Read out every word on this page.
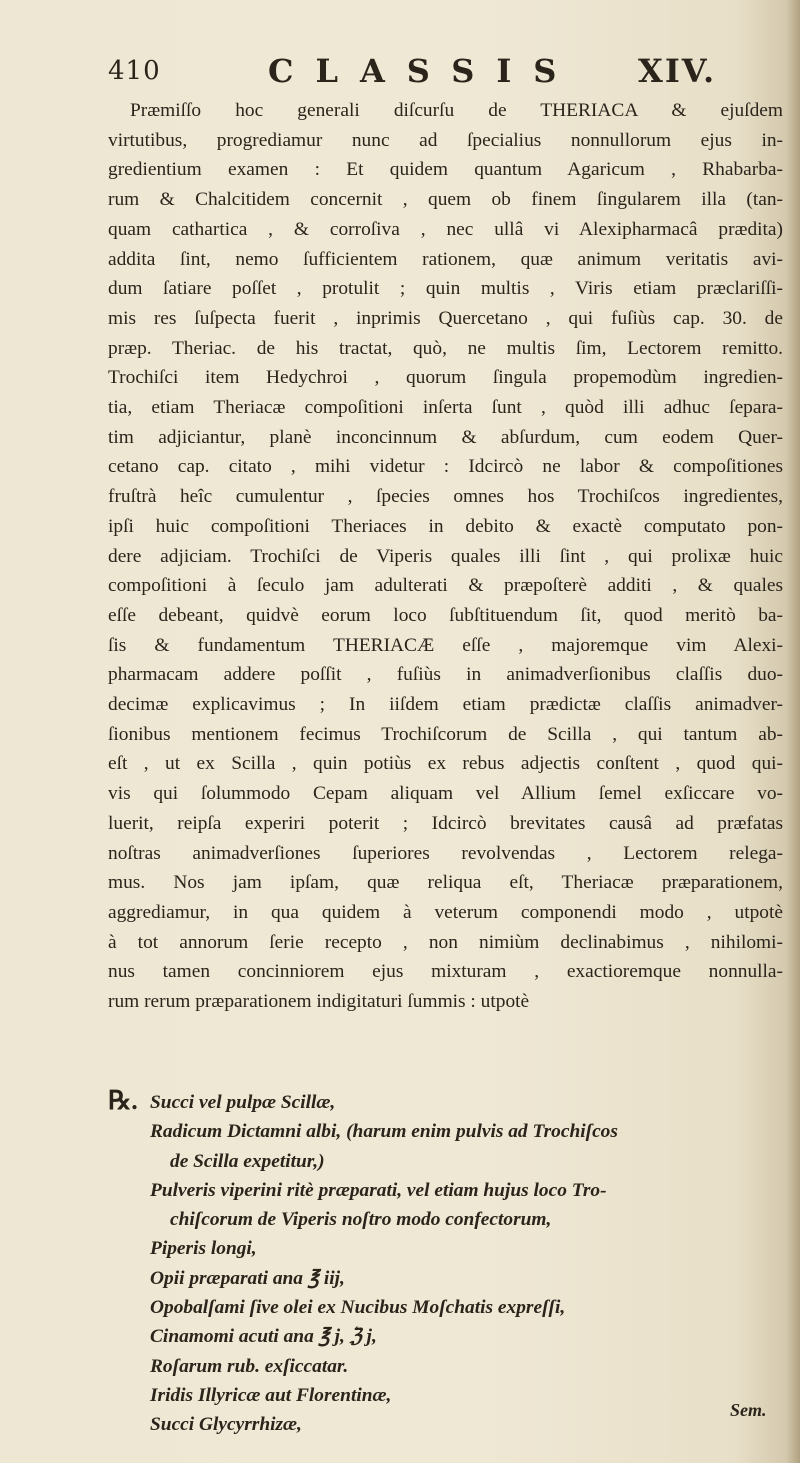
410	CLASSIS XIV.
Præmiſſo hoc generali diſcurſu de THERIACA & ejuſdem
virtutibus, progrediamur nunc ad ſpecialius nonnullorum ejus in-
gredientium examen : Et quidem quantum Agaricum , Rhabarba-
rum & Chalcitidem concernit , quem ob finem ſingularem illa (tan-
quam cathartica , & corroſiva , nec ullâ vi Alexipharmacâ prædita)
addita ſint, nemo ſufficientem rationem, quæ animum veritatis avi-
dum ſatiare poſſet , protulit ; quin multis , Viris etiam præclariſſi-
mis res ſuſpecta fuerit , inprimis Quercetano , qui fuſiùs cap. 30. de
præp. Theriac. de his tractat, quò, ne multis ſim, Lectorem remitto.
Trochiſci item Hedychroi , quorum ſingula propemodùm ingredien-
tia, etiam Theriacæ compoſitioni inſerta ſunt , quòd illi adhuc ſepara-
tim adjiciantur, planè inconcinnum & abſurdum, cum eodem Quer-
cetano cap. citato , mihi videtur : Idcircò ne labor & compoſitiones
fruſtrà heîc cumulentur , ſpecies omnes hos Trochiſcos ingredientes,
ipſi huic compoſitioni Theriaces in debito & exactè computato pon-
dere adjiciam. Trochiſci de Viperis quales illi ſint , qui prolixæ huic
compoſitioni à ſeculo jam adulterati & præpoſterè additi , & quales
eſſe debeant, quidvè eorum loco ſubſtituendum ſit, quod meritò ba-
ſis & fundamentum THERIACÆ eſſe , majoremque vim Alexi-
pharmacam addere poſſit , fuſiùs in animadverſionibus claſſis duo-
decimæ explicavimus ; In iiſdem etiam prædictæ claſſis animadver-
ſionibus mentionem fecimus Trochiſcorum de Scilla , qui tantum ab-
eſt , ut ex Scilla , quin potiùs ex rebus adjectis conſtent , quod qui-
vis qui ſolummodo Cepam aliquam vel Allium ſemel exſiccare vo-
luerit, reipſa experiri poterit ; Idcircò brevitates causâ ad præfatas
noſtras animadverſiones ſuperiores revolvendas , Lectorem relega-
mus. Nos jam ipſam, quæ reliqua eſt, Theriacæ præparationem,
aggrediamur, in qua quidem à veterum componendi modo , utpotè
à tot annorum ſerie recepto , non nimiùm declinabimus , nihilomi-
nus tamen concinniorem ejus mixturam , exactioremque nonnulla-
rum rerum præparationem indigitaturi ſummis : utpotè
℞. Succi vel pulpæ Scillæ,
Radicum Dictamni albi, (harum enim pulvis ad Trochiſcos
de Scilla expetitur,)
Pulveris viperini ritè præparati, vel etiam hujus loco Tro-
chiſcorum de Viperis noſtro modo confectorum,
Piperis longi,
Opii præparati ana ℥ iij,
Opobalſami ſive olei ex Nucibus Moſchatis expreſſi,
Cinamomi acuti ana ℥ j, ℨ j,
Roſarum rub. exſiccatar.
Iridis Illyricæ aut Florentinæ,
Succi Glycyrrhizæ,
Sem.
